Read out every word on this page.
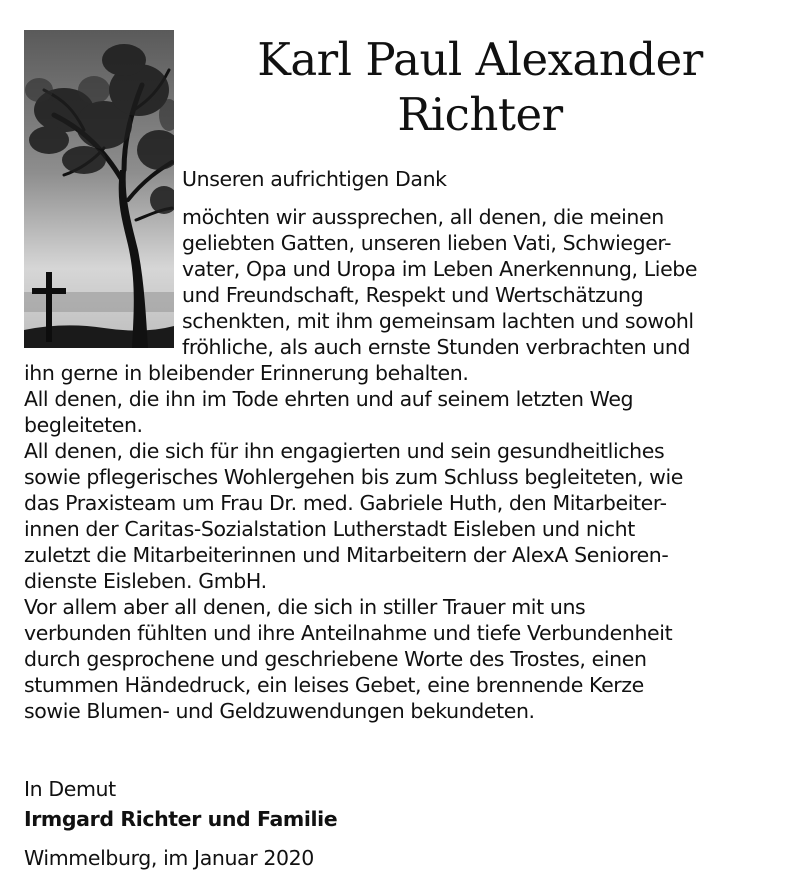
Karl Paul Alexander
Richter
Unseren aufrichtigen Dank
möchten wir aussprechen, all denen, die meinen
geliebten Gatten, unseren lieben Vati, Schwieger-
vater, Opa und Uropa im Leben Anerkennung, Liebe
und Freundschaft, Respekt und Wertschätzung
schenkten, mit ihm gemeinsam lachten und sowohl
fröhliche, als auch ernste Stunden verbrachten und
ihn gerne in bleibender Erinnerung behalten.
All denen, die ihn im Tode ehrten und auf seinem letzten Weg
begleiteten.
All denen, die sich für ihn engagierten und sein gesundheitliches
sowie pflegerisches Wohlergehen bis zum Schluss begleiteten, wie
das Praxisteam um Frau Dr. med. Gabriele Huth, den Mitarbeiter-
innen der Caritas-Sozialstation Lutherstadt Eisleben und nicht
zuletzt die Mitarbeiterinnen und Mitarbeitern der AlexA Senioren-
dienste Eisleben. GmbH.
Vor allem aber all denen, die sich in stiller Trauer mit uns
verbunden fühlten und ihre Anteilnahme und tiefe Verbundenheit
durch gesprochene und geschriebene Worte des Trostes, einen
stummen Händedruck, ein leises Gebet, eine brennende Kerze
sowie Blumen- und Geldzuwendungen bekundeten.
In Demut
Irmgard Richter und Familie
Wimmelburg, im Januar 2020
